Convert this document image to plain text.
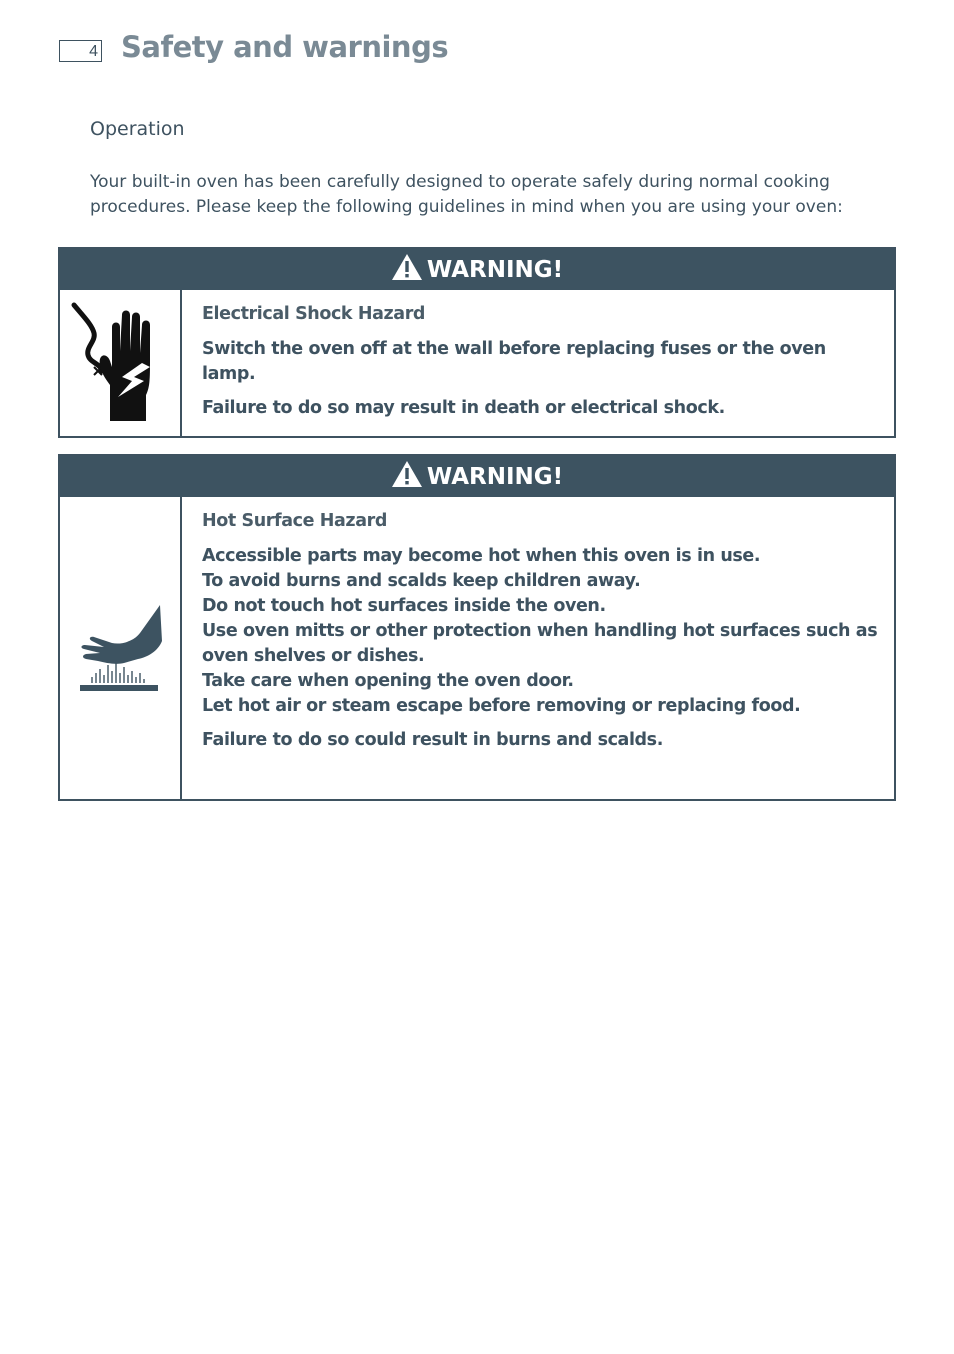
4 Safety and warnings
Operation

Your built-in oven has been carefully designed to operate safely during normal cooking procedures. Please keep the following guidelines in mind when you are using your oven:

WARNING!

Electrical Shock Hazard

Switch the oven off at the wall before replacing fuses or the oven lamp.

Failure to do so may result in death or electrical shock.

WARNING!

Hot Surface Hazard

Accessible parts may become hot when this oven is in use.

To avoid burns and scalds keep children away.

Do not touch hot surfaces inside the oven.

Use oven mitts or other protection when handling hot surfaces such as oven shelves or dishes.

Take care when opening the oven door.

Let hot air or steam escape before removing or replacing food.

Failure to do so could result in burns and scalds.
